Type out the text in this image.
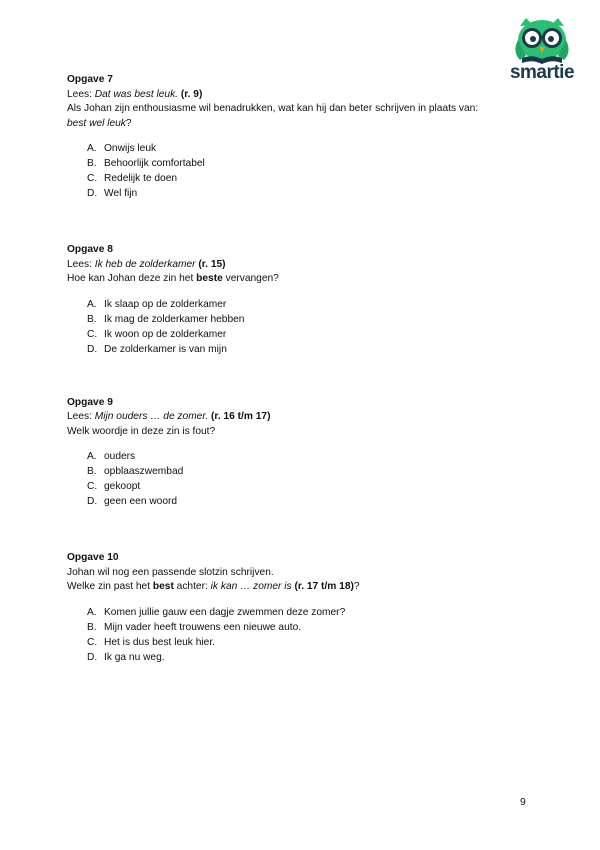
smartie
Opgave 7
Lees: Dat was best leuk. (r. 9)
Als Johan zijn enthousiasme wil benadrukken, wat kan hij dan beter schrijven in plaats van:
best wel leuk?
A. Onwijs leuk
B. Behoorlijk comfortabel
C. Redelijk te doen
D. Wel fijn
Opgave 8
Lees: Ik heb de zolderkamer (r. 15)
Hoe kan Johan deze zin het beste vervangen?
A. Ik slaap op de zolderkamer
B. Ik mag de zolderkamer hebben
C. Ik woon op de zolderkamer
D. De zolderkamer is van mijn
Opgave 9
Lees: Mijn ouders … de zomer. (r. 16 t/m 17)
Welk woordje in deze zin is fout?
A. ouders
B. opblaaszwembad
C. gekoopt
D. geen een woord
Opgave 10
Johan wil nog een passende slotzin schrijven.
Welke zin past het best achter: ik kan … zomer is (r. 17 t/m 18)?
A. Komen jullie gauw een dagje zwemmen deze zomer?
B. Mijn vader heeft trouwens een nieuwe auto.
C. Het is dus best leuk hier.
D. Ik ga nu weg.
9
